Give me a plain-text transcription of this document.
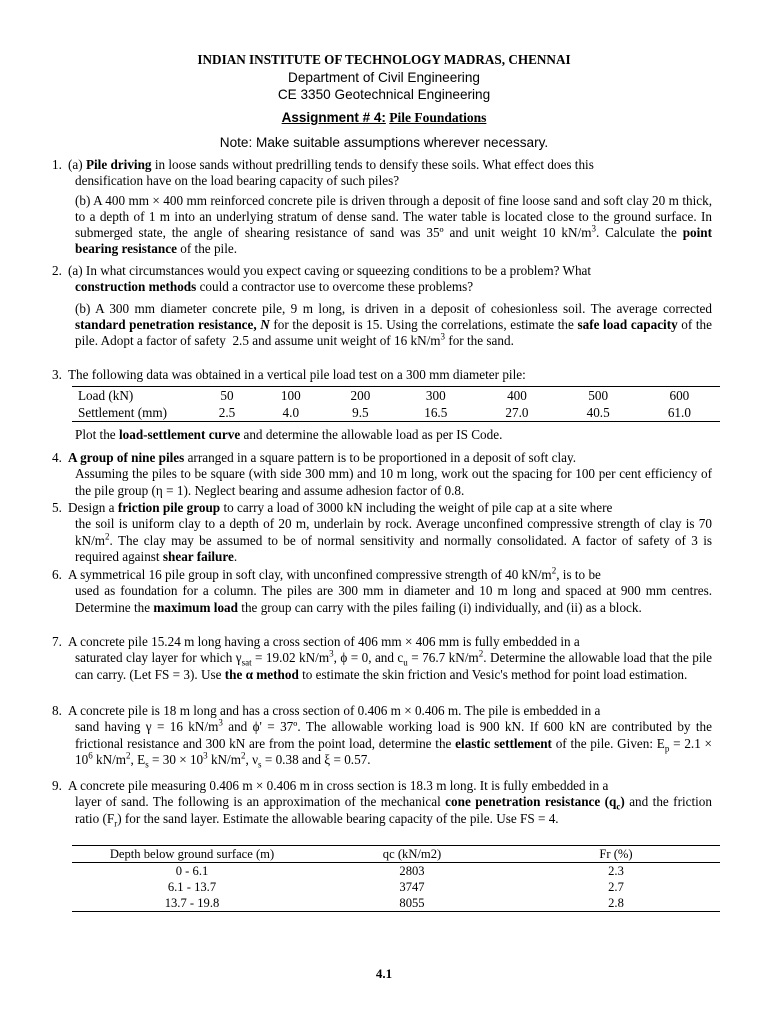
INDIAN INSTITUTE OF TECHNOLOGY MADRAS, CHENNAI
Department of Civil Engineering
CE 3350 Geotechnical Engineering
Assignment # 4: Pile Foundations
Note: Make suitable assumptions wherever necessary.
1. (a) Pile driving in loose sands without predrilling tends to densify these soils. What effect does this
densification have on the load bearing capacity of such piles?
(b) A 400 mm × 400 mm reinforced concrete pile is driven through a deposit of fine loose sand and soft clay 20 m thick, to a depth of 1 m into an underlying stratum of dense sand. The water table is located close to the ground surface. In submerged state, the angle of shearing resistance of sand was 35º and unit weight 10 $kN/m^3$. Calculate the point bearing resistance of the pile.
2. (a) In what circumstances would you expect caving or squeezing conditions to be a problem? What
construction methods could a contractor use to overcome these problems?
(b) A 300 mm diameter concrete pile, 9 m long, is driven in a deposit of cohesionless soil. The average corrected standard penetration resistance, N for the deposit is 15. Using the correlations, estimate the safe load capacity of the pile. Adopt a factor of safety  2.5 and assume unit weight of 16 $kN/m^3$ for the sand.
3. The following data was obtained in a vertical pile load test on a 300 mm diameter pile:
Load (kN)	50	100	200	300	400	500	600
Settlement (mm)	2.5	4.0	9.5	16.5	27.0	40.5	61.0
Plot the load-settlement curve and determine the allowable load as per IS Code.
4. A group of nine piles arranged in a square pattern is to be proportioned in a deposit of soft clay.
Assuming the piles to be square (with side 300 mm) and 10 m long, work out the spacing for 100 per cent efficiency of the pile group (η = 1). Neglect bearing and assume adhesion factor of 0.8.
5. Design a friction pile group to carry a load of 3000 kN including the weight of pile cap at a site where
the soil is uniform clay to a depth of 20 m, underlain by rock. Average unconfined compressive strength of clay is 70 $kN/m^2$. The clay may be assumed to be of normal sensitivity and normally consolidated. A factor of safety of 3 is required against shear failure.
6. A symmetrical 16 pile group in soft clay, with unconfined compressive strength of 40 $kN/m^2$, is to be
used as foundation for a column. The piles are 300 mm in diameter and 10 m long and spaced at 900 mm centres. Determine the maximum load the group can carry with the piles failing (i) individually, and (ii) as a block.
7. A concrete pile 15.24 m long having a cross section of 406 mm × 406 mm is fully embedded in a
saturated clay layer for which $\gamma_{sat} = 19.02$ $kN/m^3$, ϕ = 0, and $c_u = 76.7$ $kN/m^2$. Determine the allowable load that the pile can carry. (Let FS = 3). Use the α method to estimate the skin friction and Vesic's method for point load estimation.
8. A concrete pile is 18 m long and has a cross section of 0.406 m × 0.406 m. The pile is embedded in a
sand having γ = 16 $kN/m^3$ and ϕ' = 37º. The allowable working load is 900 kN. If 600 kN are contributed by the frictional resistance and 300 kN are from the point load, determine the elastic settlement of the pile. Given: $E_p = 2.1 \times 10^6$ $kN/m^2$, $E_s = 30 \times 10^3$ $kN/m^2$, $\nu_s = 0.38$ and ξ = 0.57.
9. A concrete pile measuring 0.406 m × 0.406 m in cross section is 18.3 m long. It is fully embedded in a
layer of sand. The following is an approximation of the mechanical cone penetration resistance $(q_c)$ and the friction ratio $(F_r)$ for the sand layer. Estimate the allowable bearing capacity of the pile. Use FS = 4.
Depth below ground surface (m)	qc (kN/m2)	Fr (%)
0 - 6.1	2803	2.3
6.1 - 13.7	3747	2.7
13.7 - 19.8	8055	2.8
4.1
